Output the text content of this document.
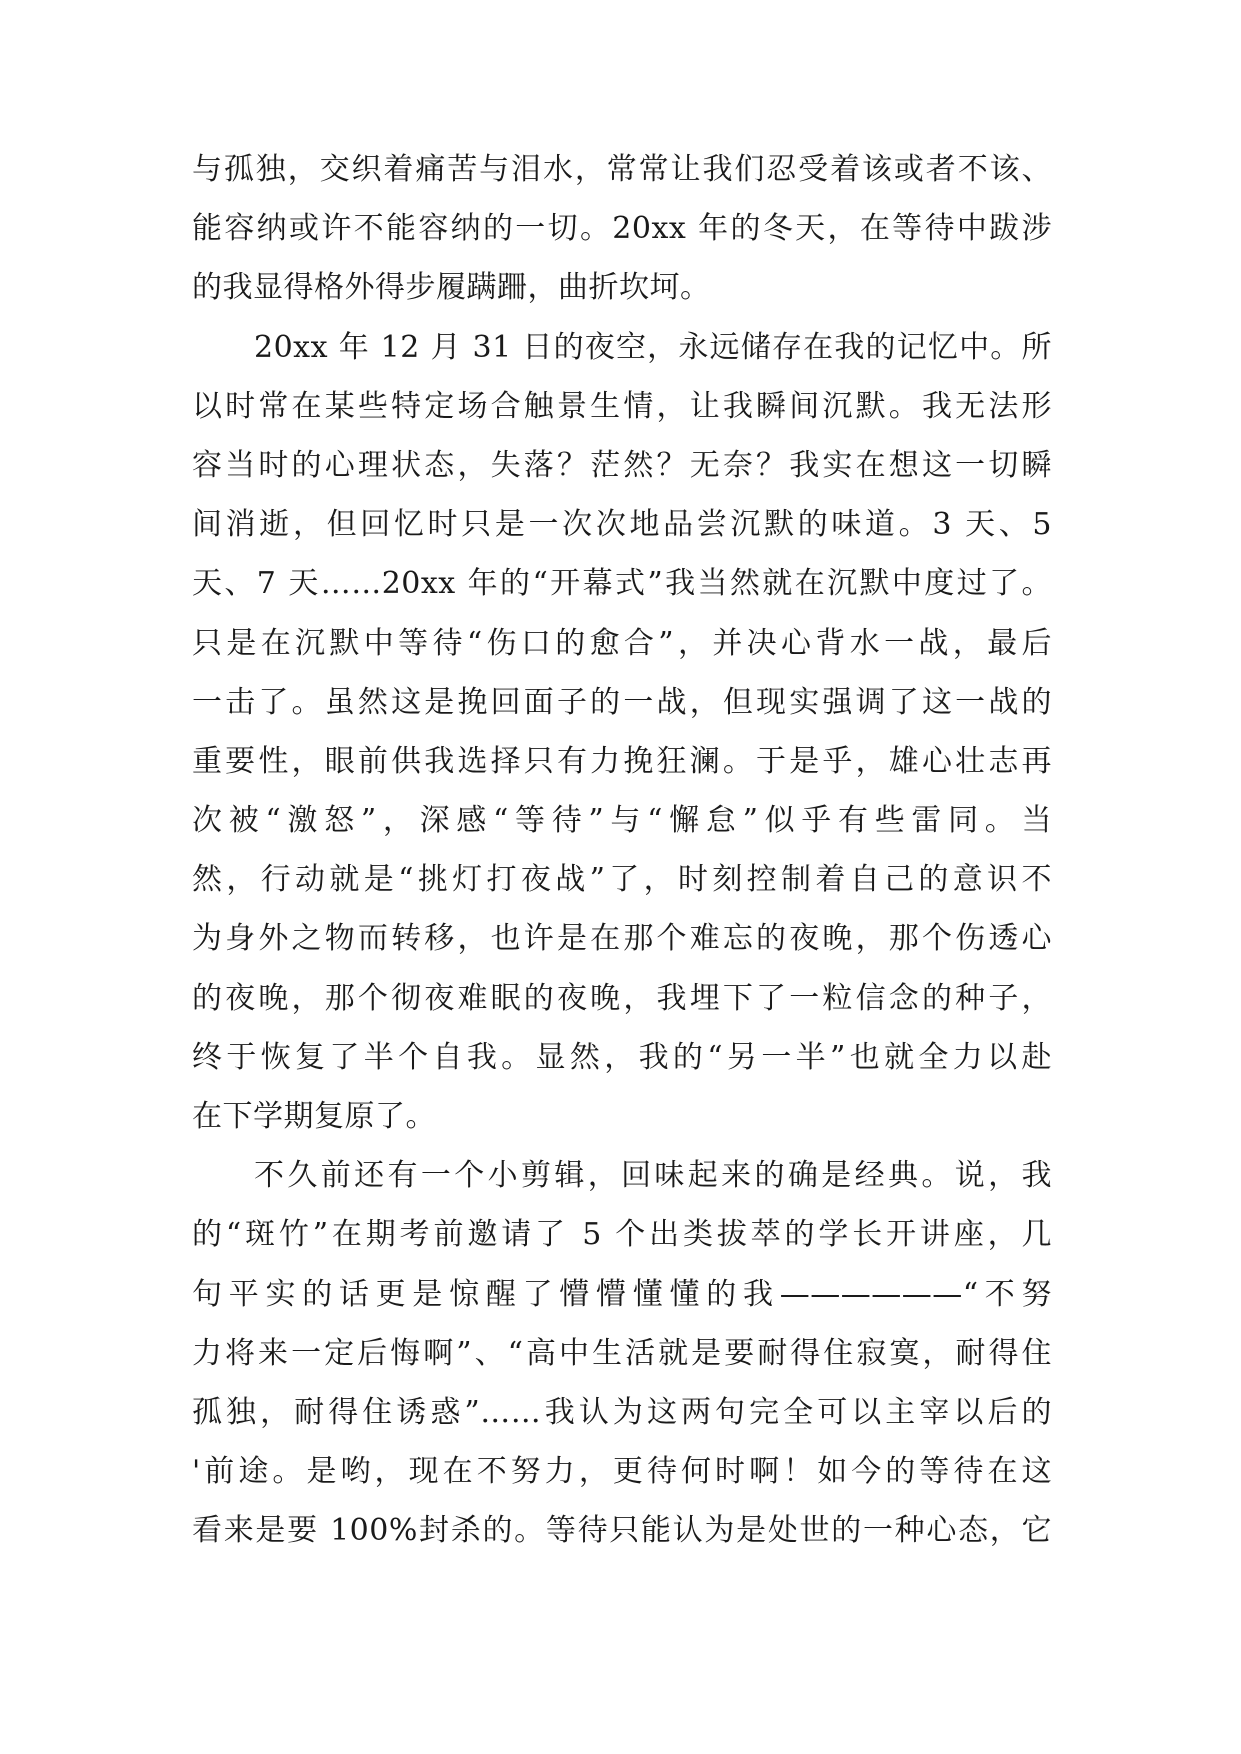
与孤独，交织着痛苦与泪水，常常让我们忍受着该或者不该、
能容纳或许不能容纳的一切。20xx 年的冬天，在等待中跋涉
的我显得格外得步履蹒跚，曲折坎坷。
20xx 年 12 月 31 日的夜空，永远储存在我的记忆中。所
以时常在某些特定场合触景生情，让我瞬间沉默。我无法形
容当时的心理状态，失落？茫然？无奈？我实在想这一切瞬
间消逝，但回忆时只是一次次地品尝沉默的味道。3 天、5
天、7 天……20xx 年的“开幕式”我当然就在沉默中度过了。
只是在沉默中等待“伤口的愈合”，并决心背水一战，最后
一击了。虽然这是挽回面子的一战，但现实强调了这一战的
重要性，眼前供我选择只有力挽狂澜。于是乎，雄心壮志再
次被“激怒”，深感“等待”与“懈怠”似乎有些雷同。当
然，行动就是“挑灯打夜战”了，时刻控制着自己的意识不
为身外之物而转移，也许是在那个难忘的夜晚，那个伤透心
的夜晚，那个彻夜难眠的夜晚，我埋下了一粒信念的种子，
终于恢复了半个自我。显然，我的“另一半”也就全力以赴
在下学期复原了。
不久前还有一个小剪辑，回味起来的确是经典。说，我
的“斑竹”在期考前邀请了 5 个出类拔萃的学长开讲座，几
句平实的话更是惊醒了懵懵懂懂的我——————“不努
力将来一定后悔啊”、“高中生活就是要耐得住寂寞，耐得住
孤独，耐得住诱惑”……我认为这两句完全可以主宰以后的
'前途。是哟，现在不努力，更待何时啊！如今的等待在这
看来是要 100%封杀的。等待只能认为是处世的一种心态，它
